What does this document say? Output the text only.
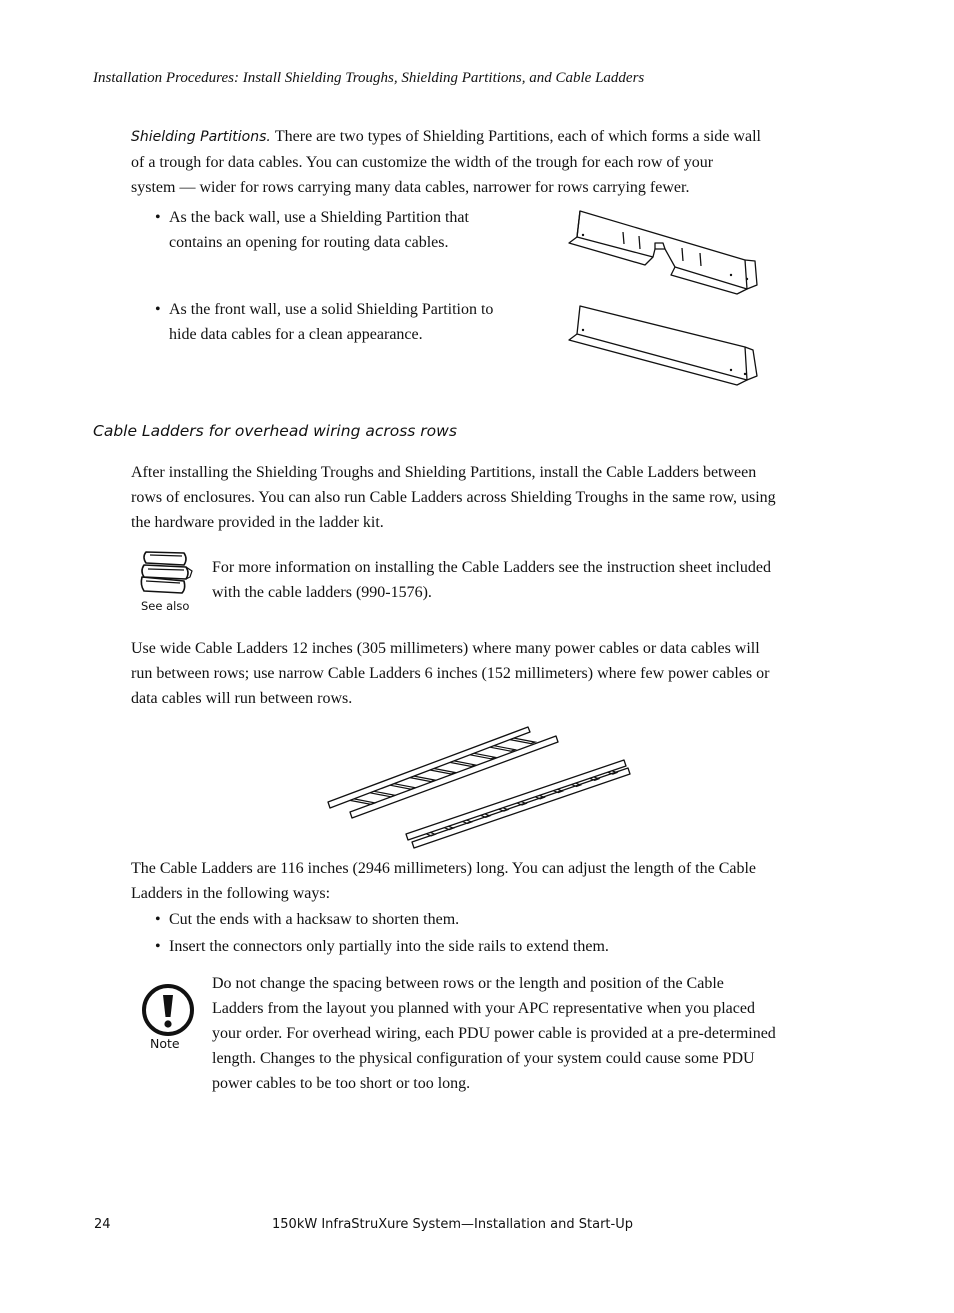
Installation Procedures: Install Shielding Troughs, Shielding Partitions, and Cable Ladders
Shielding Partitions. There are two types of Shielding Partitions, each of which forms a side wall
of a trough for data cables. You can customize the width of the trough for each row of your
system — wider for rows carrying many data cables, narrower for rows carrying fewer.
• As the back wall, use a Shielding Partition that
contains an opening for routing data cables.
• As the front wall, use a solid Shielding Partition to
hide data cables for a clean appearance.
Cable Ladders for overhead wiring across rows
After installing the Shielding Troughs and Shielding Partitions, install the Cable Ladders between
rows of enclosures. You can also run Cable Ladders across Shielding Troughs in the same row, using
the hardware provided in the ladder kit.
See also
For more information on installing the Cable Ladders see the instruction sheet included
with the cable ladders (990-1576).
Use wide Cable Ladders 12 inches (305 millimeters) where many power cables or data cables will
run between rows; use narrow Cable Ladders 6 inches (152 millimeters) where few power cables or
data cables will run between rows.
The Cable Ladders are 116 inches (2946 millimeters) long. You can adjust the length of the Cable
Ladders in the following ways:
• Cut the ends with a hacksaw to shorten them.
• Insert the connectors only partially into the side rails to extend them.
Note
Do not change the spacing between rows or the length and position of the Cable
Ladders from the layout you planned with your APC representative when you placed
your order. For overhead wiring, each PDU power cable is provided at a pre-determined
length. Changes to the physical configuration of your system could cause some PDU
power cables to be too short or too long.
24	150kW InfraStruXure System—Installation and Start-Up
